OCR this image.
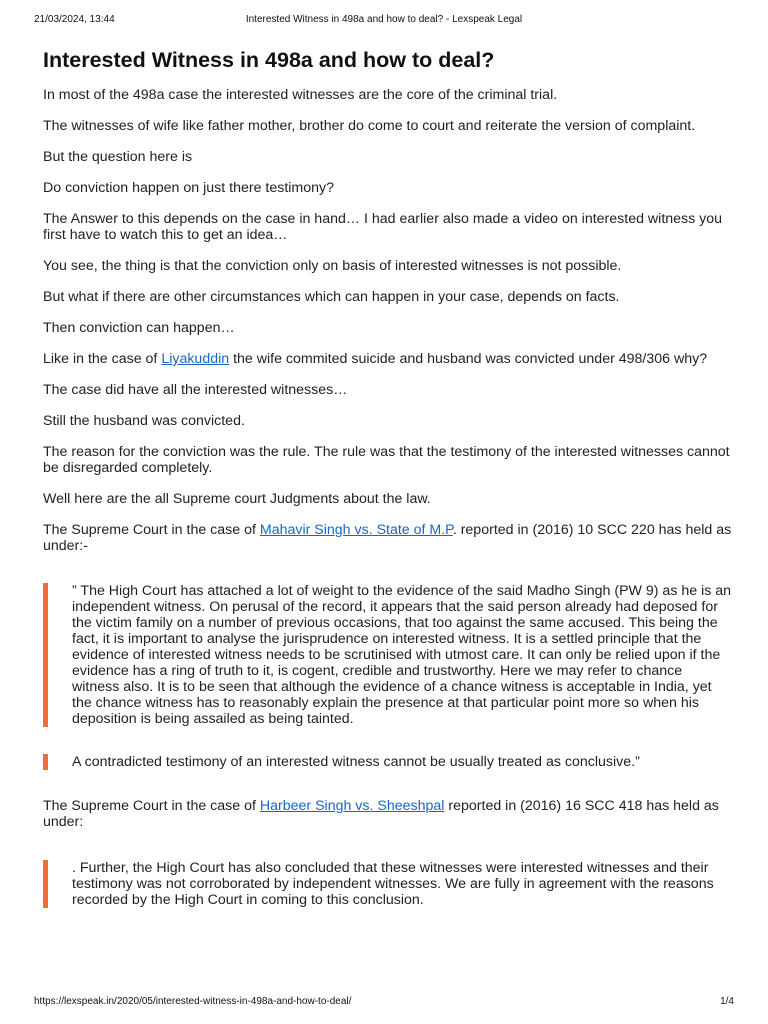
21/03/2024, 13:44	Interested Witness in 498a and how to deal? - Lexspeak Legal
Interested Witness in 498a and how to deal?

In most of the 498a case the interested witnesses are the core of the criminal trial.

The witnesses of wife like father mother, brother do come to court and reiterate the version of complaint.

But the question here is

Do conviction happen on just there testimony?

The Answer to this depends on the case in hand… I had earlier also made a video on interested witness you first have to watch this to get an idea…

You see, the thing is that the conviction only on basis of interested witnesses is not possible.

But what if there are other circumstances which can happen in your case, depends on facts.

Then conviction can happen…

Like in the case of Liyakuddin the wife commited suicide and husband was convicted under 498/306 why?

The case did have all the interested witnesses…

Still the husband was convicted.

The reason for the conviction was the rule. The rule was that the testimony of the interested witnesses cannot be disregarded completely.

Well here are the all Supreme court Judgments about the law.

The Supreme Court in the case of Mahavir Singh vs. State of M.P. reported in (2016) 10 SCC 220 has held as under:-

” The High Court has attached a lot of weight to the evidence of the said Madho Singh (PW 9) as he is an independent witness. On perusal of the record, it appears that the said person already had deposed for the victim family on a number of previous occasions, that too against the same accused. This being the fact, it is important to analyse the jurisprudence on interested witness. It is a settled principle that the evidence of interested witness needs to be scrutinised with utmost care. It can only be relied upon if the evidence has a ring of truth to it, is cogent, credible and trustworthy. Here we may refer to chance witness also. It is to be seen that although the evidence of a chance witness is acceptable in India, yet the chance witness has to reasonably explain the presence at that particular point more so when his deposition is being assailed as being tainted.

A contradicted testimony of an interested witness cannot be usually treated as conclusive.”

The Supreme Court in the case of Harbeer Singh vs. Sheeshpal reported in (2016) 16 SCC 418 has held as under:

. Further, the High Court has also concluded that these witnesses were interested witnesses and their testimony was not corroborated by independent witnesses. We are fully in agreement with the reasons recorded by the High Court in coming to this conclusion.

https://lexspeak.in/2020/05/interested-witness-in-498a-and-how-to-deal/	1/4
